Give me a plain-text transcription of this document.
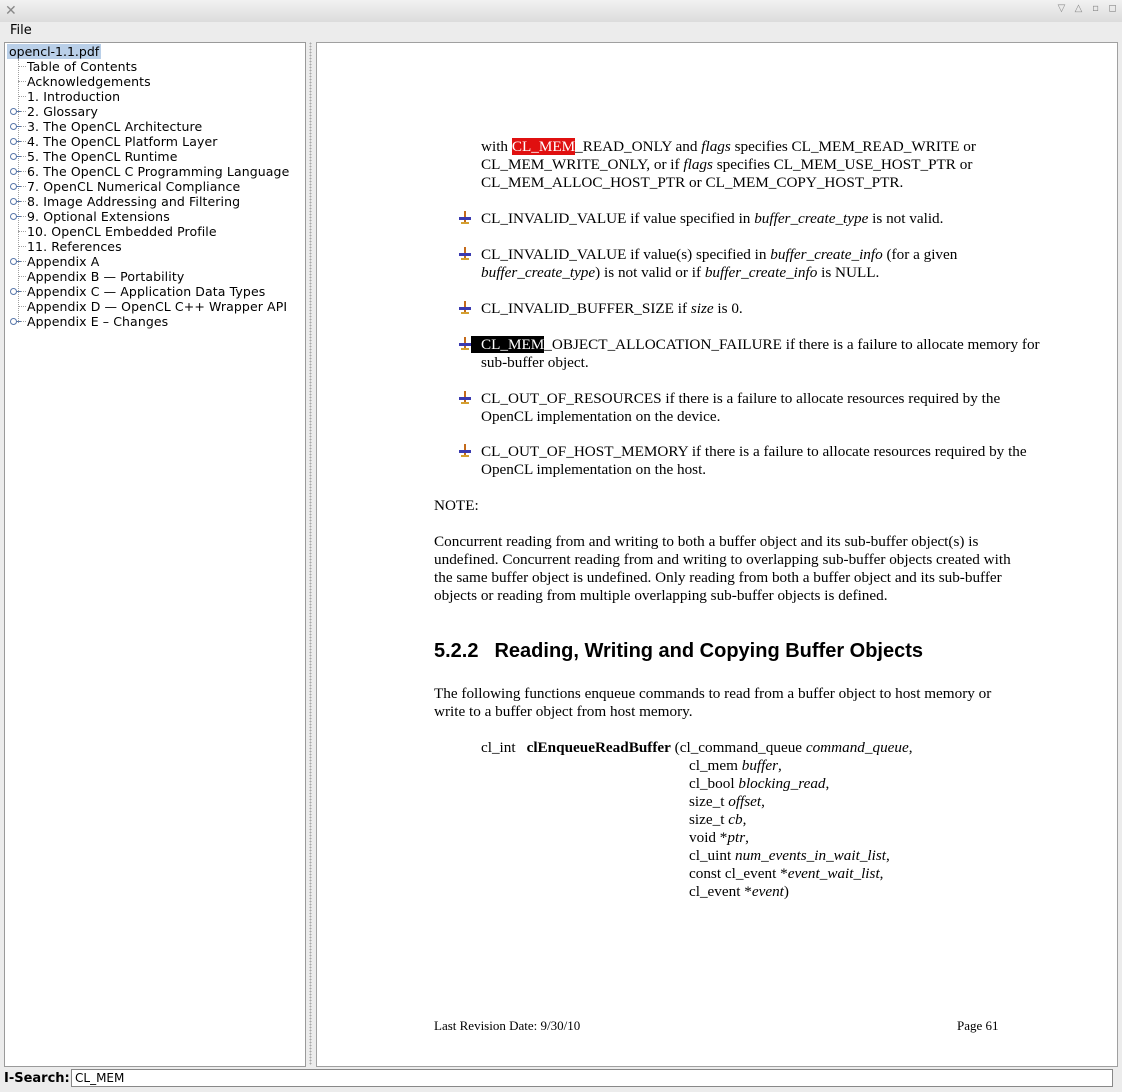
✕	▽ △ ▫ ◻
File
opencl-1.1.pdf
Table of Contents
Acknowledgements
1. Introduction
2. Glossary
3. The OpenCL Architecture
4. The OpenCL Platform Layer
5. The OpenCL Runtime
6. The OpenCL C Programming Language
7. OpenCL Numerical Compliance
8. Image Addressing and Filtering
9. Optional Extensions
10. OpenCL Embedded Profile
11. References
Appendix A
Appendix B — Portability
Appendix C — Application Data Types
Appendix D — OpenCL C++ Wrapper API
Appendix E – Changes
with CL_MEM_READ_ONLY and flags specifies CL_MEM_READ_WRITE or
CL_MEM_WRITE_ONLY, or if flags specifies CL_MEM_USE_HOST_PTR or
CL_MEM_ALLOC_HOST_PTR or CL_MEM_COPY_HOST_PTR.
CL_INVALID_VALUE if value specified in buffer_create_type is not valid.
CL_INVALID_VALUE if value(s) specified in buffer_create_info (for a given
buffer_create_type) is not valid or if buffer_create_info is NULL.
CL_INVALID_BUFFER_SIZE if size is 0.
CL_MEM_OBJECT_ALLOCATION_FAILURE if there is a failure to allocate memory for
sub-buffer object.
CL_OUT_OF_RESOURCES if there is a failure to allocate resources required by the
OpenCL implementation on the device.
CL_OUT_OF_HOST_MEMORY if there is a failure to allocate resources required by the
OpenCL implementation on the host.
NOTE:
Concurrent reading from and writing to both a buffer object and its sub-buffer object(s) is
undefined. Concurrent reading from and writing to overlapping sub-buffer objects created with
the same buffer object is undefined. Only reading from both a buffer object and its sub-buffer
objects or reading from multiple overlapping sub-buffer objects is defined.
5.2.2 Reading, Writing and Copying Buffer Objects
The following functions enqueue commands to read from a buffer object to host memory or
write to a buffer object from host memory.
cl_int clEnqueueReadBuffer (cl_command_queue command_queue,
cl_mem buffer,
cl_bool blocking_read,
size_t offset,
size_t cb,
void *ptr,
cl_uint num_events_in_wait_list,
const cl_event *event_wait_list,
cl_event *event)
Last Revision Date: 9/30/10	Page 61
I-Search:
CL_MEM
